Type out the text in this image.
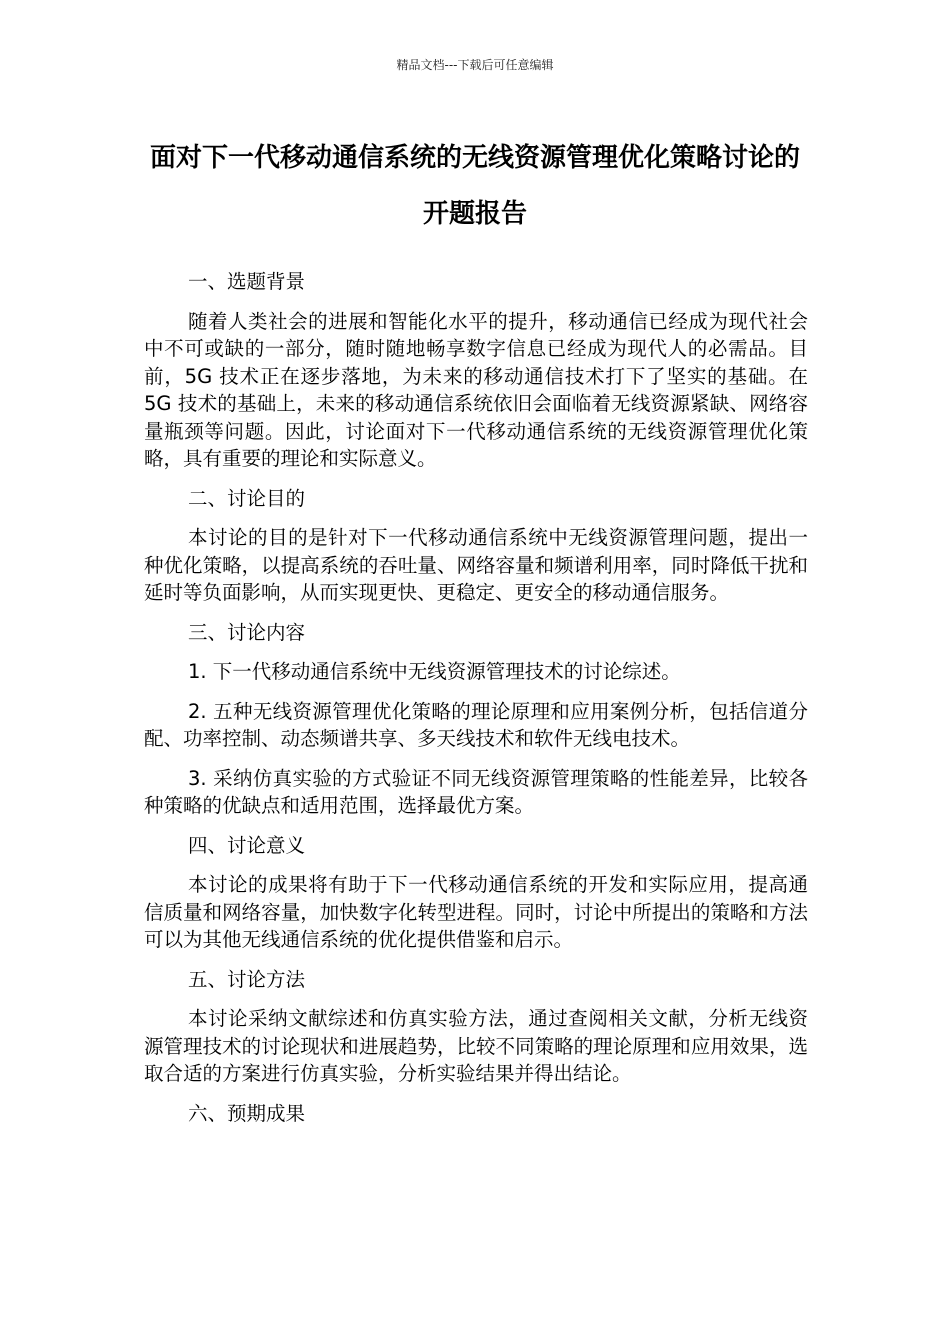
精品文档---下载后可任意编辑
面对下一代移动通信系统的无线资源管理优化策略讨论的开题报告

一、选题背景

随着人类社会的进展和智能化水平的提升，移动通信已经成为现代社会中不可或缺的一部分，随时随地畅享数字信息已经成为现代人的必需品。目前，5G 技术正在逐步落地，为未来的移动通信技术打下了坚实的基础。在 5G 技术的基础上，未来的移动通信系统依旧会面临着无线资源紧缺、网络容量瓶颈等问题。因此，讨论面对下一代移动通信系统的无线资源管理优化策略，具有重要的理论和实际意义。

二、讨论目的

本讨论的目的是针对下一代移动通信系统中无线资源管理问题，提出一种优化策略，以提高系统的吞吐量、网络容量和频谱利用率，同时降低干扰和延时等负面影响，从而实现更快、更稳定、更安全的移动通信服务。

三、讨论内容

1. 下一代移动通信系统中无线资源管理技术的讨论综述。

2. 五种无线资源管理优化策略的理论原理和应用案例分析，包括信道分配、功率控制、动态频谱共享、多天线技术和软件无线电技术。

3. 采纳仿真实验的方式验证不同无线资源管理策略的性能差异，比较各种策略的优缺点和适用范围，选择最优方案。

四、讨论意义

本讨论的成果将有助于下一代移动通信系统的开发和实际应用，提高通信质量和网络容量，加快数字化转型进程。同时，讨论中所提出的策略和方法可以为其他无线通信系统的优化提供借鉴和启示。

五、讨论方法

本讨论采纳文献综述和仿真实验方法，通过查阅相关文献，分析无线资源管理技术的讨论现状和进展趋势，比较不同策略的理论原理和应用效果，选取合适的方案进行仿真实验，分析实验结果并得出结论。

六、预期成果
